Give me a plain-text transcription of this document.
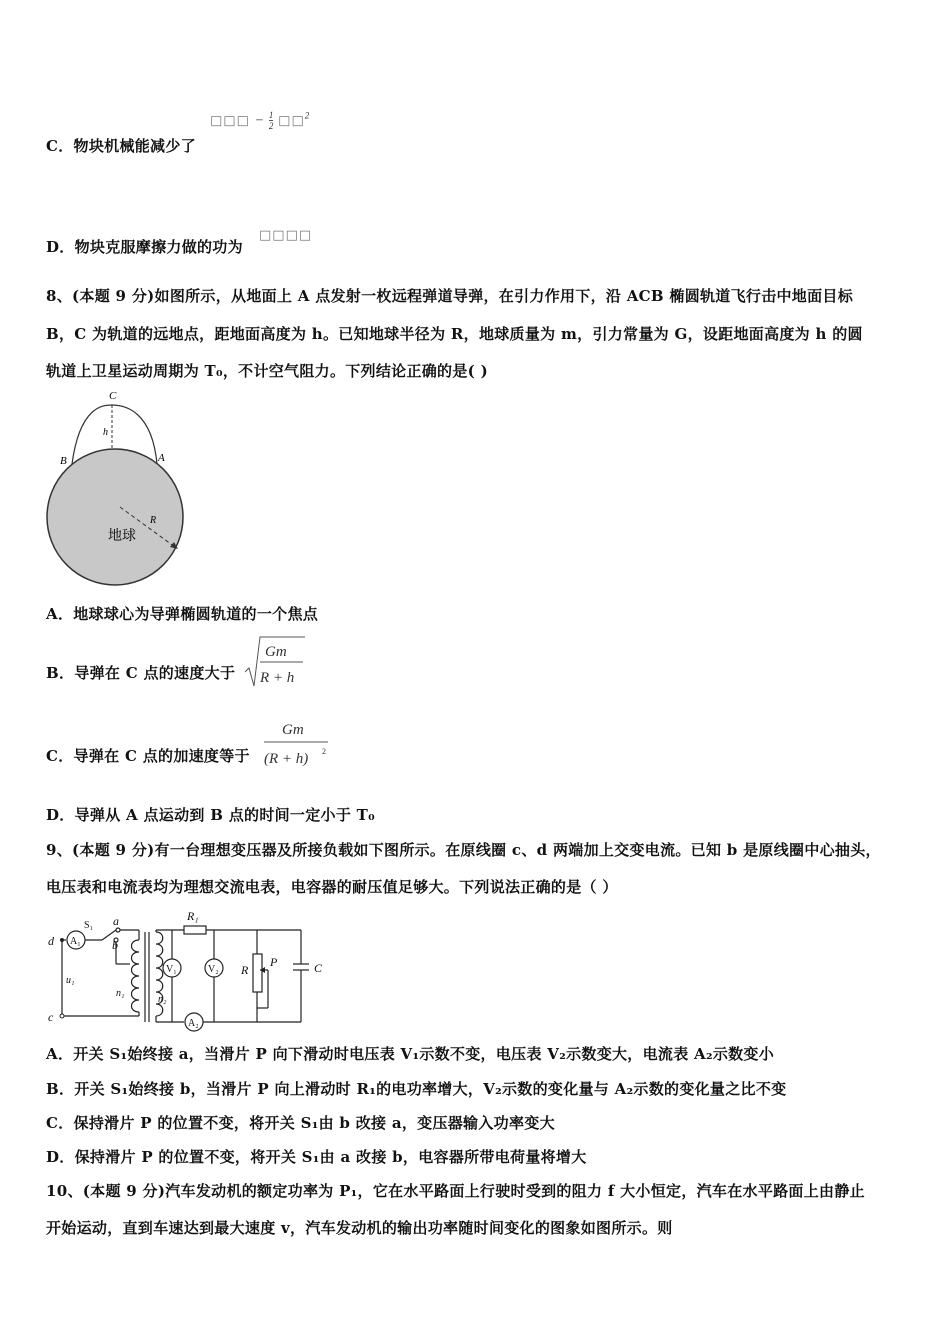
C．物块机械能减少了
□□□ − $\frac{1}{2}$ □□$^2$
D．物块克服摩擦力做的功为
□□□□
8、(本题 9 分)如图所示，从地面上 A 点发射一枚远程弹道导弹，在引力作用下，沿 ACB 椭圆轨道飞行击中地面目标
B，C 为轨道的远地点，距地面高度为 h。已知地球半径为 R，地球质量为 m，引力常量为 G，设距地面高度为 h 的圆
轨道上卫星运动周期为 T₀，不计空气阻力。下列结论正确的是( )
C
h
B	A
R
地球
A．地球球心为导弹椭圆轨道的一个焦点
B．导弹在 C 点的速度大于
Gm
R + h
C．导弹在 C 点的加速度等于
Gm
(R + h) 2
D．导弹从 A 点运动到 B 点的时间一定小于 T₀
9、(本题 9 分)有一台理想变压器及所接负载如下图所示。在原线圈 c、d 两端加上交变电流。已知 b 是原线圈中心抽头，
电压表和电流表均为理想交流电表，电容器的耐压值足够大。下列说法正确的是（ ）
d
c
a
b
R₁
R
P	C
S₁
A₁
A₂
V₁	V₂
u₁
n₁
n₂
A．开关 S₁始终接 a，当滑片 P 向下滑动时电压表 V₁示数不变，电压表 V₂示数变大，电流表 A₂示数变小
B．开关 S₁始终接 b，当滑片 P 向上滑动时 R₁的电功率增大，V₂示数的变化量与 A₂示数的变化量之比不变
C．保持滑片 P 的位置不变，将开关 S₁由 b 改接 a，变压器输入功率变大
D．保持滑片 P 的位置不变，将开关 S₁由 a 改接 b，电容器所带电荷量将增大
10、(本题 9 分)汽车发动机的额定功率为 P₁，它在水平路面上行驶时受到的阻力 f 大小恒定，汽车在水平路面上由静止
开始运动，直到车速达到最大速度 v，汽车发动机的输出功率随时间变化的图象如图所示。则
